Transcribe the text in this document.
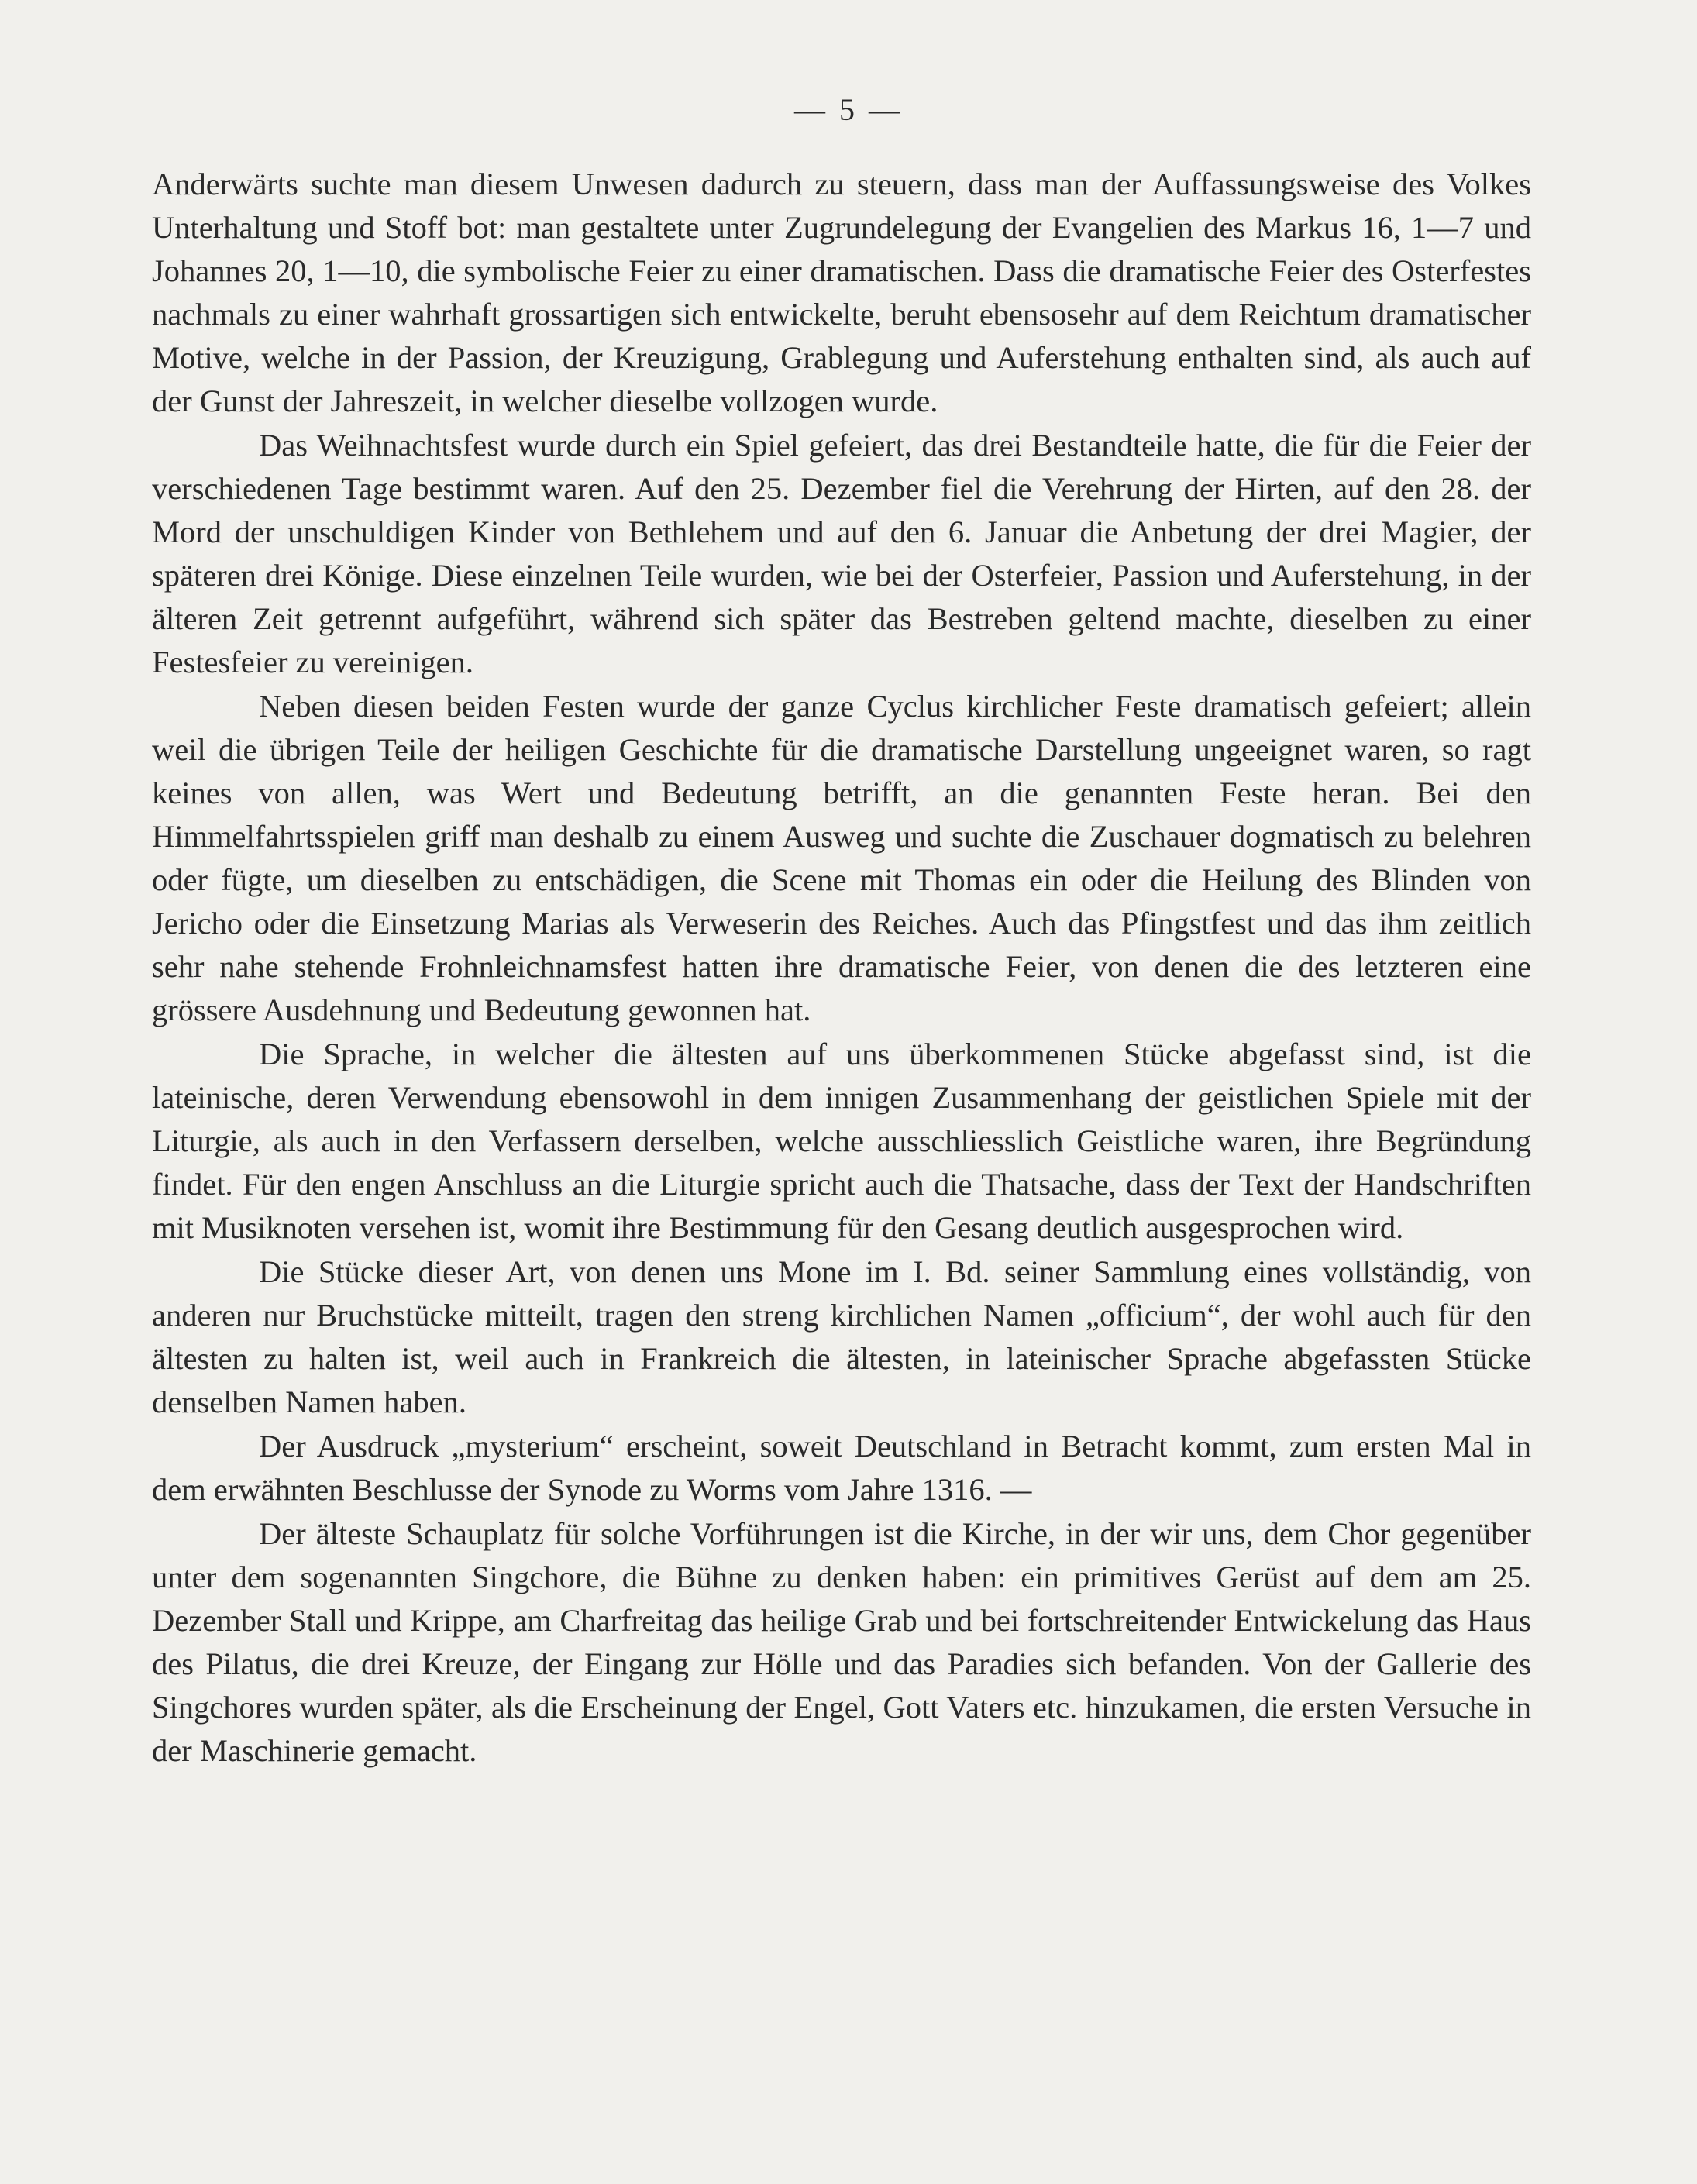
— 5 —

Anderwärts suchte man diesem Unwesen dadurch zu steuern, dass man der Auffassungsweise des Volkes Unterhaltung und Stoff bot: man gestaltete unter Zugrundelegung der Evangelien des Markus 16, 1—7 und Johannes 20, 1—10, die symbolische Feier zu einer dramatischen. Dass die dramatische Feier des Osterfestes nachmals zu einer wahrhaft grossartigen sich entwickelte, beruht ebensosehr auf dem Reichtum dramatischer Motive, welche in der Passion, der Kreuzigung, Grablegung und Auferstehung enthalten sind, als auch auf der Gunst der Jahreszeit, in welcher dieselbe vollzogen wurde.

Das Weihnachtsfest wurde durch ein Spiel gefeiert, das drei Bestandteile hatte, die für die Feier der verschiedenen Tage bestimmt waren. Auf den 25. Dezember fiel die Verehrung der Hirten, auf den 28. der Mord der unschuldigen Kinder von Bethlehem und auf den 6. Januar die Anbetung der drei Magier, der späteren drei Könige. Diese einzelnen Teile wurden, wie bei der Osterfeier, Passion und Auferstehung, in der älteren Zeit getrennt aufgeführt, während sich später das Bestreben geltend machte, dieselben zu einer Festesfeier zu vereinigen.

Neben diesen beiden Festen wurde der ganze Cyclus kirchlicher Feste dramatisch gefeiert; allein weil die übrigen Teile der heiligen Geschichte für die dramatische Darstellung ungeeignet waren, so ragt keines von allen, was Wert und Bedeutung betrifft, an die genannten Feste heran. Bei den Himmelfahrtsspielen griff man deshalb zu einem Ausweg und suchte die Zuschauer dogmatisch zu belehren oder fügte, um dieselben zu entschädigen, die Scene mit Thomas ein oder die Heilung des Blinden von Jericho oder die Einsetzung Marias als Verweserin des Reiches. Auch das Pfingstfest und das ihm zeitlich sehr nahe stehende Frohnleichnamsfest hatten ihre dramatische Feier, von denen die des letzteren eine grössere Ausdehnung und Bedeutung gewonnen hat.

Die Sprache, in welcher die ältesten auf uns überkommenen Stücke abgefasst sind, ist die lateinische, deren Verwendung ebensowohl in dem innigen Zusammenhang der geistlichen Spiele mit der Liturgie, als auch in den Verfassern derselben, welche ausschliesslich Geistliche waren, ihre Begründung findet. Für den engen Anschluss an die Liturgie spricht auch die Thatsache, dass der Text der Handschriften mit Musiknoten versehen ist, womit ihre Bestimmung für den Gesang deutlich ausgesprochen wird.

Die Stücke dieser Art, von denen uns Mone im I. Bd. seiner Sammlung eines vollständig, von anderen nur Bruchstücke mitteilt, tragen den streng kirchlichen Namen „officium“, der wohl auch für den ältesten zu halten ist, weil auch in Frankreich die ältesten, in lateinischer Sprache abgefassten Stücke denselben Namen haben.

Der Ausdruck „mysterium“ erscheint, soweit Deutschland in Betracht kommt, zum ersten Mal in dem erwähnten Beschlusse der Synode zu Worms vom Jahre 1316. —

Der älteste Schauplatz für solche Vorführungen ist die Kirche, in der wir uns, dem Chor gegenüber unter dem sogenannten Singchore, die Bühne zu denken haben: ein primitives Gerüst auf dem am 25. Dezember Stall und Krippe, am Charfreitag das heilige Grab und bei fortschreitender Entwickelung das Haus des Pilatus, die drei Kreuze, der Eingang zur Hölle und das Paradies sich befanden. Von der Gallerie des Singchores wurden später, als die Erscheinung der Engel, Gott Vaters etc. hinzukamen, die ersten Versuche in der Maschinerie gemacht.
